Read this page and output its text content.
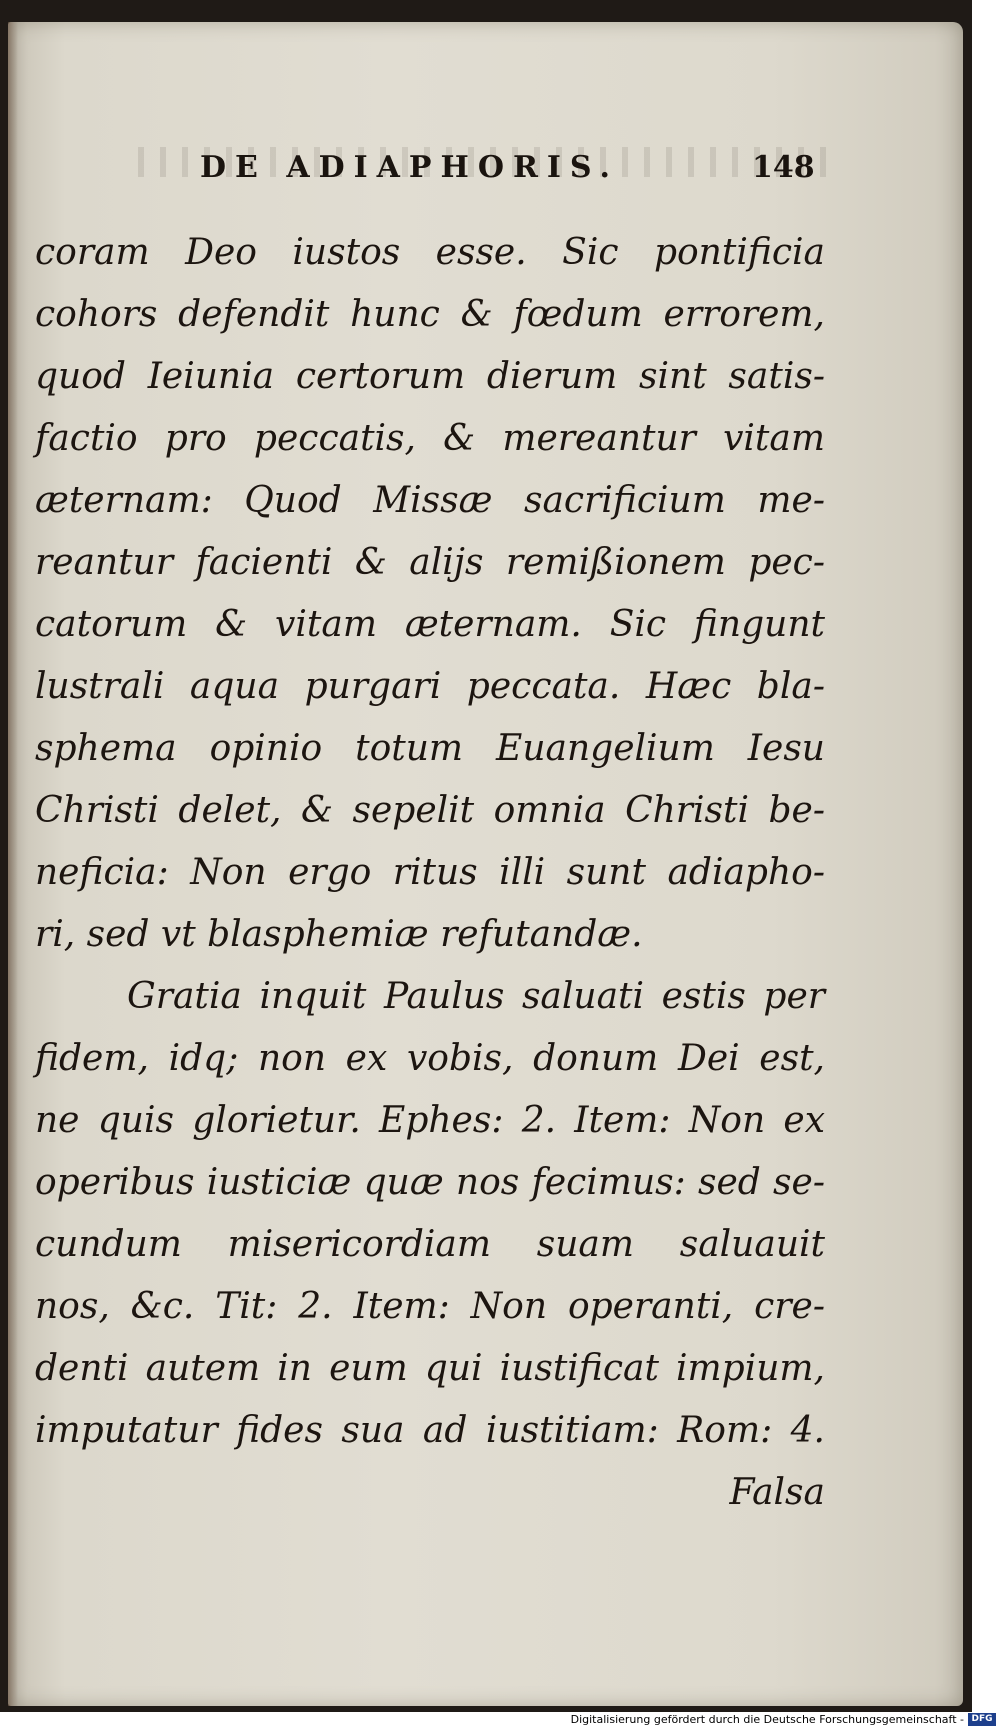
DE ADIAPHORIS.	148
coram Deo iustos esse. Sic pontificia
cohors defendit hunc & fœdum errorem,
quod Ieiunia certorum dierum sint satis-
factio pro peccatis, & mereantur vitam
æternam: Quod Missæ sacrificium me-
reantur facienti & alijs remißionem pec-
catorum & vitam æternam. Sic fingunt
lustrali aqua purgari peccata. Hæc bla-
sphema opinio totum Euangelium Iesu
Christi delet, & sepelit omnia Christi be-
neficia: Non ergo ritus illi sunt adiapho-
ri, sed vt blasphemiæ refutandæ.
Gratia inquit Paulus saluati estis per
fidem, idq; non ex vobis, donum Dei est,
ne quis glorietur. Ephes: 2. Item: Non ex
operibus iusticiæ quæ nos fecimus: sed se-
cundum misericordiam suam saluauit
nos, &c. Tit: 2. Item: Non operanti, cre-
denti autem in eum qui iustificat impium,
imputatur fides sua ad iustitiam: Rom: 4.
Falsa
Digitalisierung gefördert durch die Deutsche Forschungsgemeinschaft - DFG
